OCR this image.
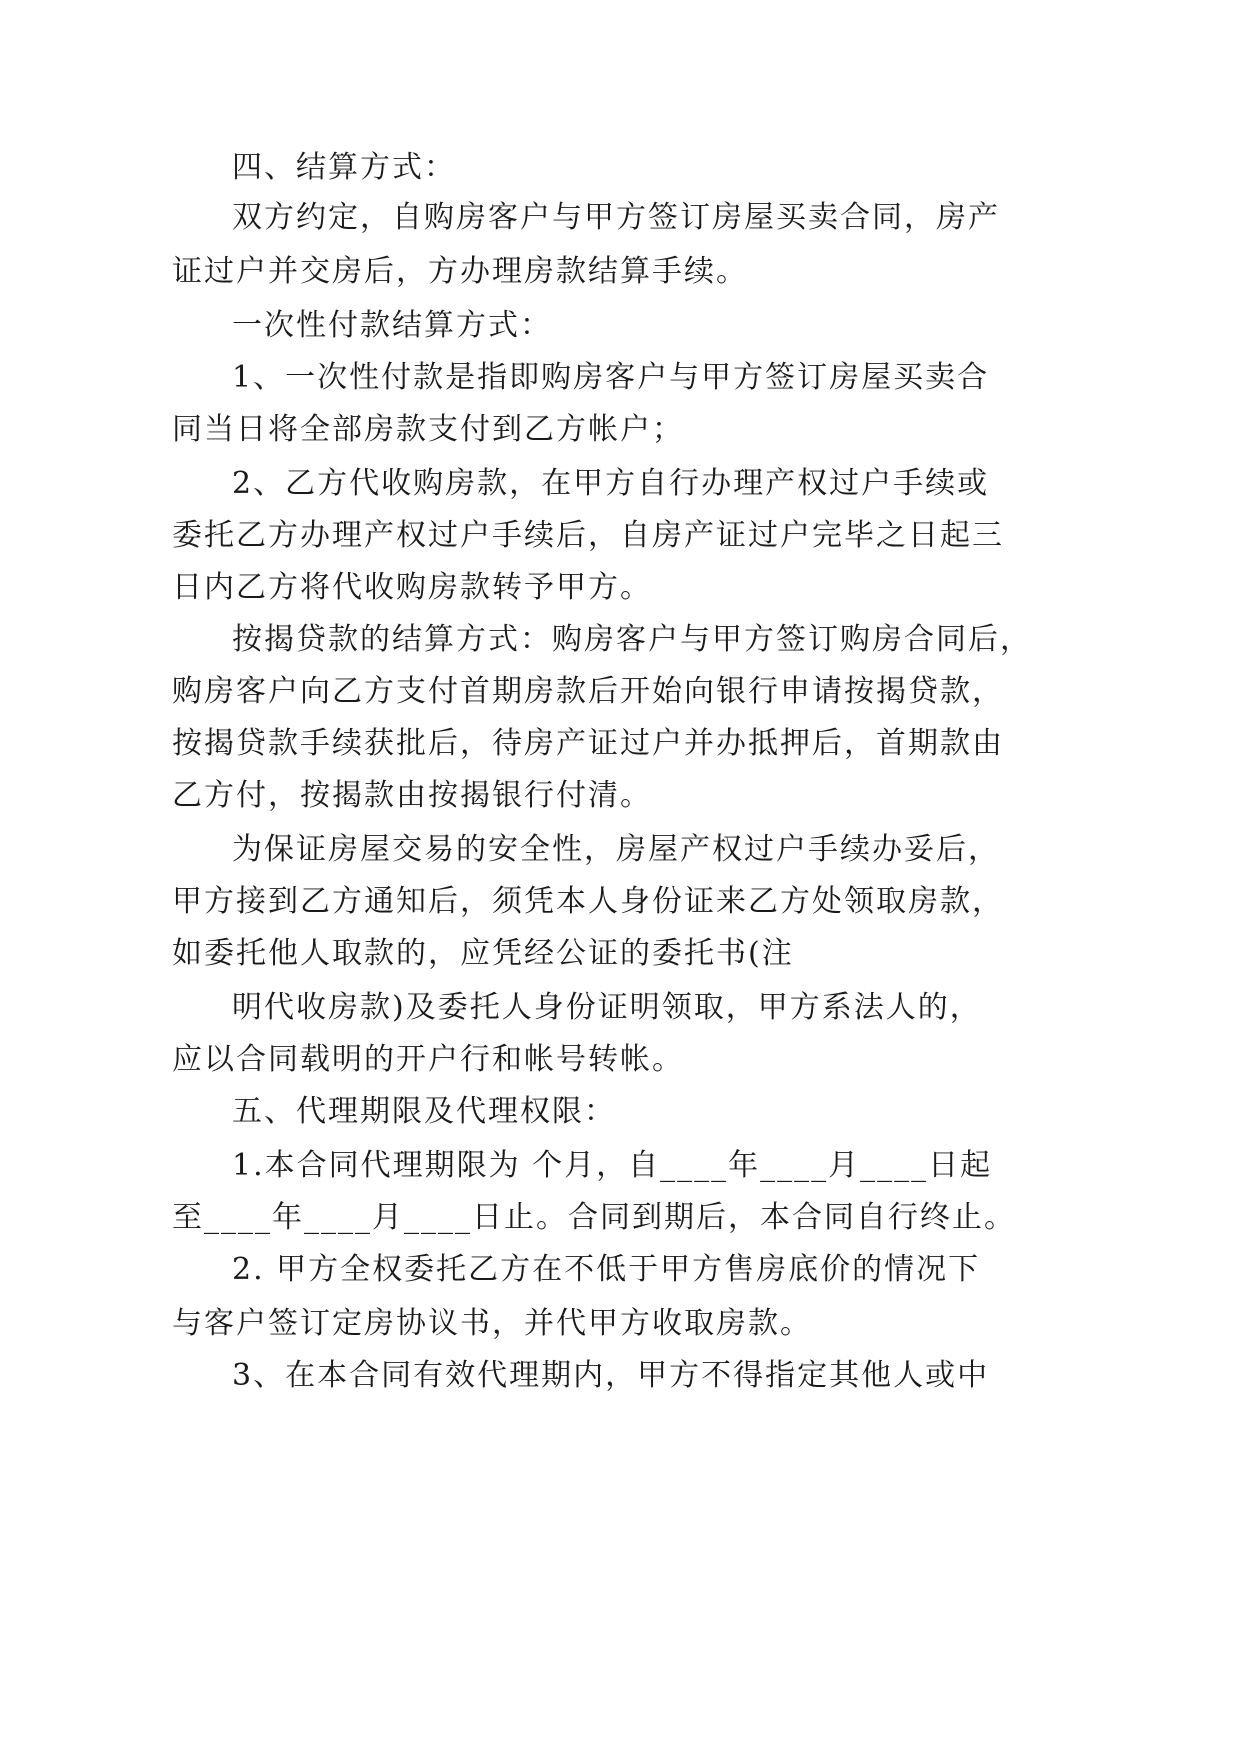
四、结算方式：
双方约定，自购房客户与甲方签订房屋买卖合同，房产
证过户并交房后，方办理房款结算手续。
一次性付款结算方式：
1、一次性付款是指即购房客户与甲方签订房屋买卖合
同当日将全部房款支付到乙方帐户；
2、乙方代收购房款，在甲方自行办理产权过户手续或
委托乙方办理产权过户手续后，自房产证过户完毕之日起三
日内乙方将代收购房款转予甲方。
按揭贷款的结算方式：购房客户与甲方签订购房合同后，
购房客户向乙方支付首期房款后开始向银行申请按揭贷款，
按揭贷款手续获批后，待房产证过户并办抵押后，首期款由
乙方付，按揭款由按揭银行付清。
为保证房屋交易的安全性，房屋产权过户手续办妥后，
甲方接到乙方通知后，须凭本人身份证来乙方处领取房款，
如委托他人取款的，应凭经公证的委托书(注
明代收房款)及委托人身份证明领取，甲方系法人的，
应以合同载明的开户行和帐号转帐。
五、代理期限及代理权限：
1.本合同代理期限为 个月，自____年____月____日起
至____年____月____日止。合同到期后，本合同自行终止。
2. 甲方全权委托乙方在不低于甲方售房底价的情况下
与客户签订定房协议书，并代甲方收取房款。
3、在本合同有效代理期内，甲方不得指定其他人或中
